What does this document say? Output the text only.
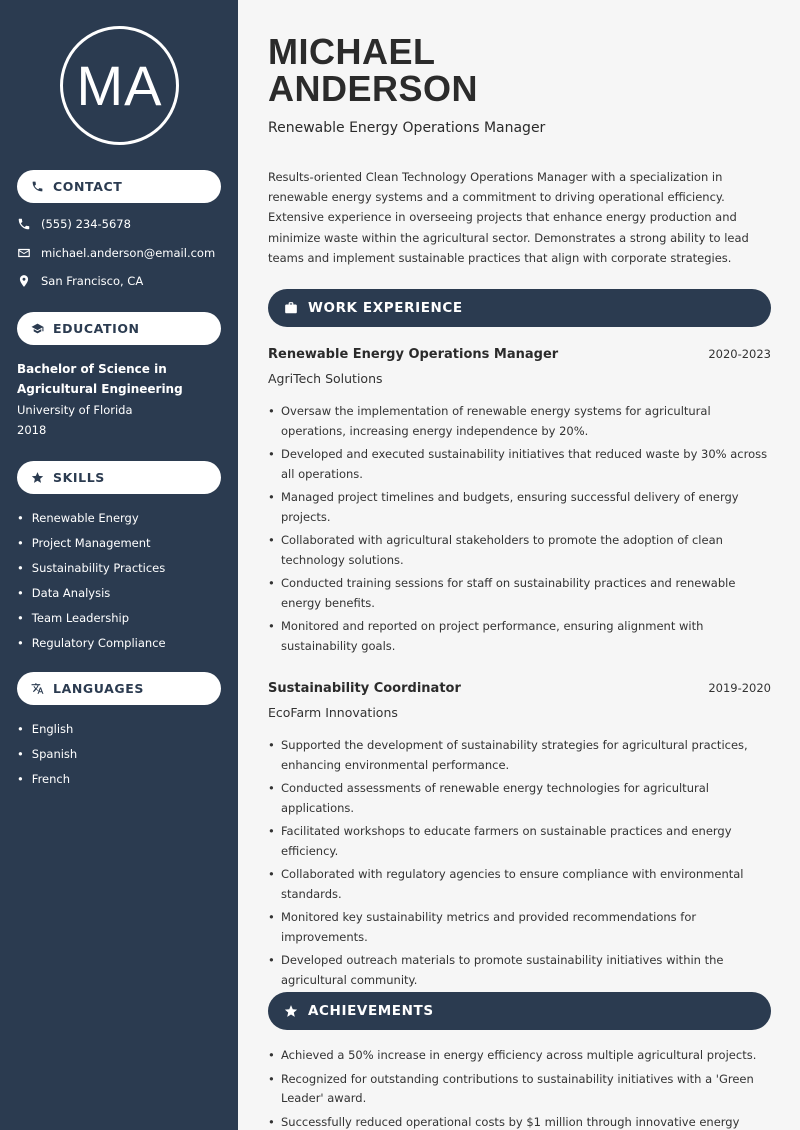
MA
CONTACT
(555) 234-5678
michael.anderson@email.com
San Francisco, CA
EDUCATION
Bachelor of Science in Agricultural Engineering
University of Florida
2018
SKILLS
• Renewable Energy
• Project Management
• Sustainability Practices
• Data Analysis
• Team Leadership
• Regulatory Compliance
LANGUAGES
• English
• Spanish
• French
MICHAEL
ANDERSON
Renewable Energy Operations Manager
Results-oriented Clean Technology Operations Manager with a specialization in renewable energy systems and a commitment to driving operational efficiency. Extensive experience in overseeing projects that enhance energy production and minimize waste within the agricultural sector. Demonstrates a strong ability to lead teams and implement sustainable practices that align with corporate strategies.
WORK EXPERIENCE
Renewable Energy Operations Manager	2020-2023
AgriTech Solutions
• Oversaw the implementation of renewable energy systems for agricultural operations, increasing energy independence by 20%.
• Developed and executed sustainability initiatives that reduced waste by 30% across all operations.
• Managed project timelines and budgets, ensuring successful delivery of energy projects.
• Collaborated with agricultural stakeholders to promote the adoption of clean technology solutions.
• Conducted training sessions for staff on sustainability practices and renewable energy benefits.
• Monitored and reported on project performance, ensuring alignment with sustainability goals.
Sustainability Coordinator	2019-2020
EcoFarm Innovations
• Supported the development of sustainability strategies for agricultural practices, enhancing environmental performance.
• Conducted assessments of renewable energy technologies for agricultural applications.
• Facilitated workshops to educate farmers on sustainable practices and energy efficiency.
• Collaborated with regulatory agencies to ensure compliance with environmental standards.
• Monitored key sustainability metrics and provided recommendations for improvements.
• Developed outreach materials to promote sustainability initiatives within the agricultural community.
ACHIEVEMENTS
• Achieved a 50% increase in energy efficiency across multiple agricultural projects.
• Recognized for outstanding contributions to sustainability initiatives with a 'Green Leader' award.
• Successfully reduced operational costs by $1 million through innovative energy
